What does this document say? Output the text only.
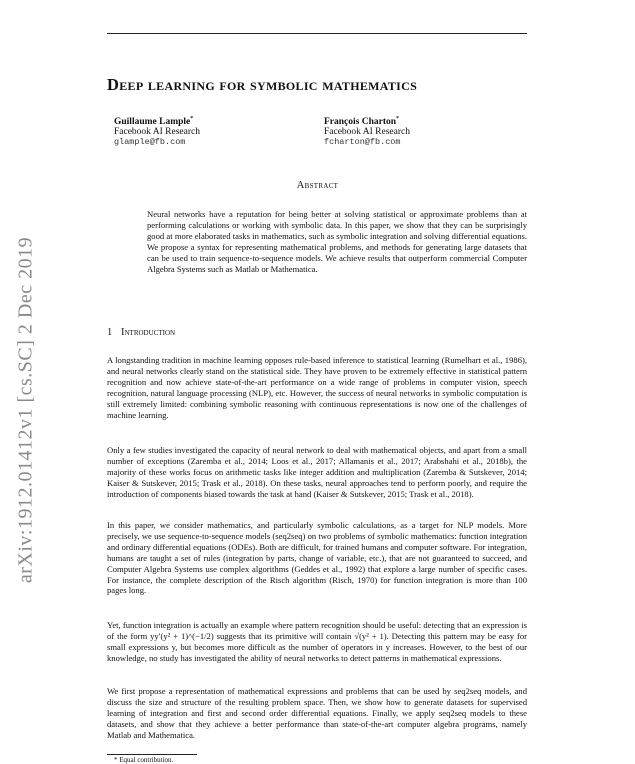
arXiv:1912.01412v1 [cs.SC] 2 Dec 2019
Deep learning for symbolic mathematics
Guillaume Lample*
Facebook AI Research
glample@fb.com
François Charton*
Facebook AI Research
fcharton@fb.com
Abstract
Neural networks have a reputation for being better at solving statistical or approximate problems than at performing calculations or working with symbolic data. In this paper, we show that they can be surprisingly good at more elaborated tasks in mathematics, such as symbolic integration and solving differential equations. We propose a syntax for representing mathematical problems, and methods for generating large datasets that can be used to train sequence-to-sequence models. We achieve results that outperform commercial Computer Algebra Systems such as Matlab or Mathematica.
1 Introduction
A longstanding tradition in machine learning opposes rule-based inference to statistical learning (Rumelhart et al., 1986), and neural networks clearly stand on the statistical side. They have proven to be extremely effective in statistical pattern recognition and now achieve state-of-the-art performance on a wide range of problems in computer vision, speech recognition, natural language processing (NLP), etc. However, the success of neural networks in symbolic computation is still extremely limited: combining symbolic reasoning with continuous representations is now one of the challenges of machine learning.
Only a few studies investigated the capacity of neural network to deal with mathematical objects, and apart from a small number of exceptions (Zaremba et al., 2014; Loos et al., 2017; Allamanis et al., 2017; Arabshahi et al., 2018b), the majority of these works focus on arithmetic tasks like integer addition and multiplication (Zaremba & Sutskever, 2014; Kaiser & Sutskever, 2015; Trask et al., 2018). On these tasks, neural approaches tend to perform poorly, and require the introduction of components biased towards the task at hand (Kaiser & Sutskever, 2015; Trask et al., 2018).
In this paper, we consider mathematics, and particularly symbolic calculations, as a target for NLP models. More precisely, we use sequence-to-sequence models (seq2seq) on two problems of symbolic mathematics: function integration and ordinary differential equations (ODEs). Both are difficult, for trained humans and computer software. For integration, humans are taught a set of rules (integration by parts, change of variable, etc.), that are not guaranteed to succeed, and Computer Algebra Systems use complex algorithms (Geddes et al., 1992) that explore a large number of specific cases. For instance, the complete description of the Risch algorithm (Risch, 1970) for function integration is more than 100 pages long.
Yet, function integration is actually an example where pattern recognition should be useful: detecting that an expression is of the form yy′(y² + 1)^(−1/2) suggests that its primitive will contain √(y² + 1). Detecting this pattern may be easy for small expressions y, but becomes more difficult as the number of operators in y increases. However, to the best of our knowledge, no study has investigated the ability of neural networks to detect patterns in mathematical expressions.
We first propose a representation of mathematical expressions and problems that can be used by seq2seq models, and discuss the size and structure of the resulting problem space. Then, we show how to generate datasets for supervised learning of integration and first and second order differential equations. Finally, we apply seq2seq models to these datasets, and show that they achieve a better performance than state-of-the-art computer algebra programs, namely Matlab and Mathematica.
* Equal contribution.
